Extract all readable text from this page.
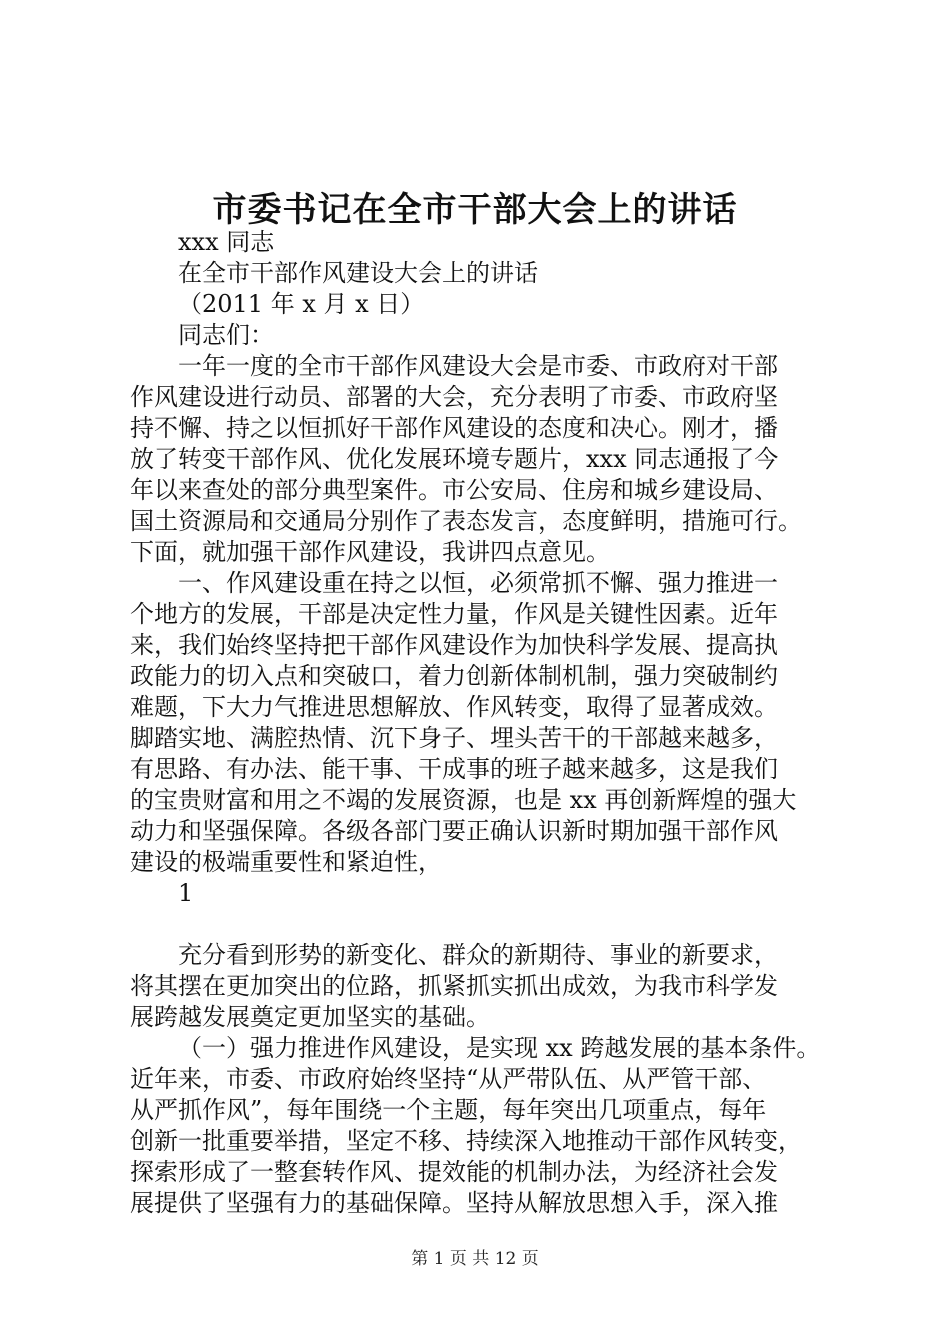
市委书记在全市干部大会上的讲话
xxx 同志
在全市干部作风建设大会上的讲话
（2011 年 x 月 x 日）
同志们：
一年一度的全市干部作风建设大会是市委、市政府对干部
作风建设进行动员、部署的大会，充分表明了市委、市政府坚
持不懈、持之以恒抓好干部作风建设的态度和决心。刚才，播
放了转变干部作风、优化发展环境专题片，xxx 同志通报了今
年以来查处的部分典型案件。市公安局、住房和城乡建设局、
国土资源局和交通局分别作了表态发言，态度鲜明，措施可行。
下面，就加强干部作风建设，我讲四点意见。
一、作风建设重在持之以恒，必须常抓不懈、强力推进一
个地方的发展，干部是决定性力量，作风是关键性因素。近年
来，我们始终坚持把干部作风建设作为加快科学发展、提高执
政能力的切入点和突破口，着力创新体制机制，强力突破制约
难题，下大力气推进思想解放、作风转变，取得了显著成效。
脚踏实地、满腔热情、沉下身子、埋头苦干的干部越来越多，
有思路、有办法、能干事、干成事的班子越来越多，这是我们
的宝贵财富和用之不竭的发展资源，也是 xx 再创新辉煌的强大
动力和坚强保障。各级各部门要正确认识新时期加强干部作风
建设的极端重要性和紧迫性，
1
充分看到形势的新变化、群众的新期待、事业的新要求，
将其摆在更加突出的位路，抓紧抓实抓出成效，为我市科学发
展跨越发展奠定更加坚实的基础。
（一）强力推进作风建设，是实现 xx 跨越发展的基本条件。
近年来，市委、市政府始终坚持“从严带队伍、从严管干部、
从严抓作风”，每年围绕一个主题，每年突出几项重点，每年
创新一批重要举措，坚定不移、持续深入地推动干部作风转变，
探索形成了一整套转作风、提效能的机制办法，为经济社会发
展提供了坚强有力的基础保障。坚持从解放思想入手，深入推
第 1 页 共 12 页
